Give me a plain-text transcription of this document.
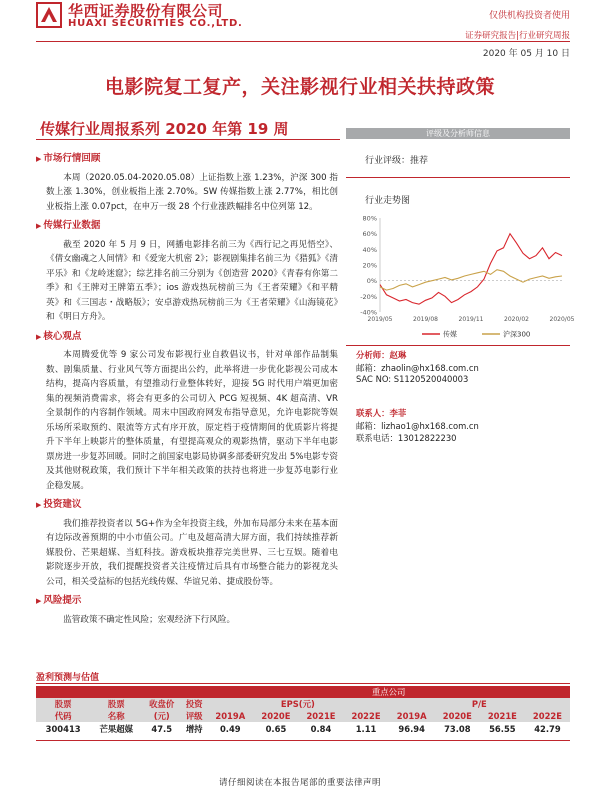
华西证券股份有限公司
HUAXI SECURITIES CO.,LTD.
仅供机构投资者使用
证券研究报告|行业研究周报
2020 年 05 月 10 日
电影院复工复产，关注影视行业相关扶持政策
传媒行业周报系列 2020 年第 19 周
▶ 市场行情回顾
本周（2020.05.04-2020.05.08）上证指数上涨 1.23%，沪深 300 指数上涨 1.30%，创业板指上涨 2.70%。SW 传媒指数上涨 2.77%，相比创业板指上涨 0.07pct，在申万一级 28 个行业涨跌幅排名中位列第 12。
▶ 传媒行业数据
截至 2020 年 5 月 9 日，网播电影排名前三为《西行记之再见悟空》、《倩女幽魂之人间情》和《爱宠大机密 2》；影视剧集排名前三为《猎狐》《清平乐》和《龙岭迷窟》；综艺排名前三分别为《创造营 2020》《青春有你第二季》和《王牌对王牌第五季》；ios 游戏热玩榜前三为《王者荣耀》《和平精英》和《三国志・战略版》；安卓游戏热玩榜前三为《王者荣耀》《山海镜花》和《明日方舟》。
▶ 核心观点
本周腾爱优等 9 家公司发布影视行业自救倡议书，针对单部作品制集数、剧集质量、行业风气等方面提出公约，此举将进一步优化影视公司成本结构，提高内容质量，有望推动行业整体转好，迎接 5G 时代用户端更加密集的视频消费需求，将会有更多的公司切入 PCG 短视频、4K 超高清、VR 全景制作的内容制作领域。周末中国政府网发布指导意见，允许电影院等娱乐场所采取预约、限流等方式有序开放，原定档于疫情期间的优质影片将提升下半年上映影片的整体质量，有望提高观众的观影热情，驱动下半年电影票房进一步复苏回暖。同时之前国家电影局协调多部委研究发出 5%电影专资及其他财税政策，我们预计下半年相关政策的扶持也将进一步复苏电影行业企稳发展。
▶ 投资建议
我们推荐投资者以 5G+作为全年投资主线，外加布局部分未来在基本面有边际改善预期的中小市值公司。广电及超高清大屏方面，我们持续推荐新媒股份、芒果超媒、当虹科技。游戏板块推荐完美世界、三七互娱。随着电影院逐步开放，我们提醒投资者关注疫情过后具有市场整合能力的影视龙头公司，相关受益标的包括光线传媒、华谊兄弟、捷成股份等。
▶ 风险提示
监管政策不确定性风险；宏观经济下行风险。
评级及分析师信息
行业评级：推荐
行业走势图
80%
60%
40%
20%
0%
-20%
-40%
2019/05	2019/08	2019/11	2020/02	2020/05
传媒	沪深300
分析师：赵琳
邮箱：zhaolin@hx168.com.cn
SAC NO: S1120520040003
联系人：李菲
邮箱：lizhao1@hx168.com.cn
联系电话：13012822230
盈利预测与估值
				重点公司							
股票	股票	收盘价	投资	EPS(元)				P/E			
代码	名称	(元)	评级	2019A	2020E	2021E	2022E	2019A	2020E	2021E	2022E
300413	芒果超媒	47.5	增持	0.49	0.65	0.84	1.11	96.94	73.08	56.55	42.79
请仔细阅读在本报告尾部的重要法律声明
